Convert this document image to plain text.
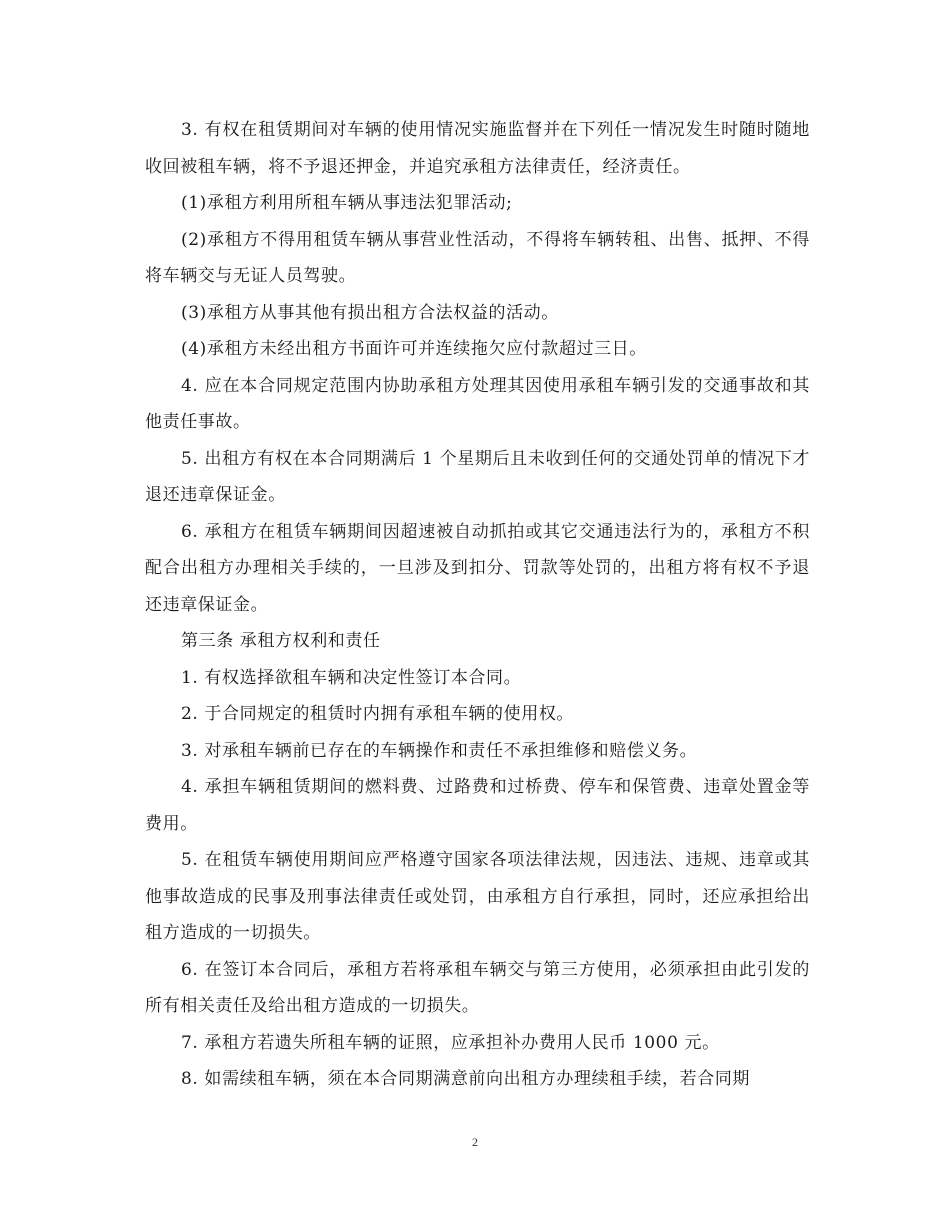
3. 有权在租赁期间对车辆的使用情况实施监督并在下列任一情况发生时随时随地收回被租车辆，将不予退还押金，并追究承租方法律责任，经济责任。

(1)承租方利用所租车辆从事违法犯罪活动;

(2)承租方不得用租赁车辆从事营业性活动，不得将车辆转租、出售、抵押、不得将车辆交与无证人员驾驶。

(3)承租方从事其他有损出租方合法权益的活动。

(4)承租方未经出租方书面许可并连续拖欠应付款超过三日。

4. 应在本合同规定范围内协助承租方处理其因使用承租车辆引发的交通事故和其他责任事故。

5. 出租方有权在本合同期满后 1 个星期后且未收到任何的交通处罚单的情况下才退还违章保证金。

6. 承租方在租赁车辆期间因超速被自动抓拍或其它交通违法行为的，承租方不积配合出租方办理相关手续的，一旦涉及到扣分、罚款等处罚的，出租方将有权不予退还违章保证金。

第三条 承租方权利和责任

1. 有权选择欲租车辆和决定性签订本合同。

2. 于合同规定的租赁时内拥有承租车辆的使用权。

3. 对承租车辆前已存在的车辆操作和责任不承担维修和赔偿义务。

4. 承担车辆租赁期间的燃料费、过路费和过桥费、停车和保管费、违章处置金等费用。

5. 在租赁车辆使用期间应严格遵守国家各项法律法规，因违法、违规、违章或其他事故造成的民事及刑事法律责任或处罚，由承租方自行承担，同时，还应承担给出租方造成的一切损失。

6. 在签订本合同后，承租方若将承租车辆交与第三方使用，必须承担由此引发的所有相关责任及给出租方造成的一切损失。

7. 承租方若遗失所租车辆的证照，应承担补办费用人民币 1000 元。

8. 如需续租车辆，须在本合同期满意前向出租方办理续租手续，若合同期

2
